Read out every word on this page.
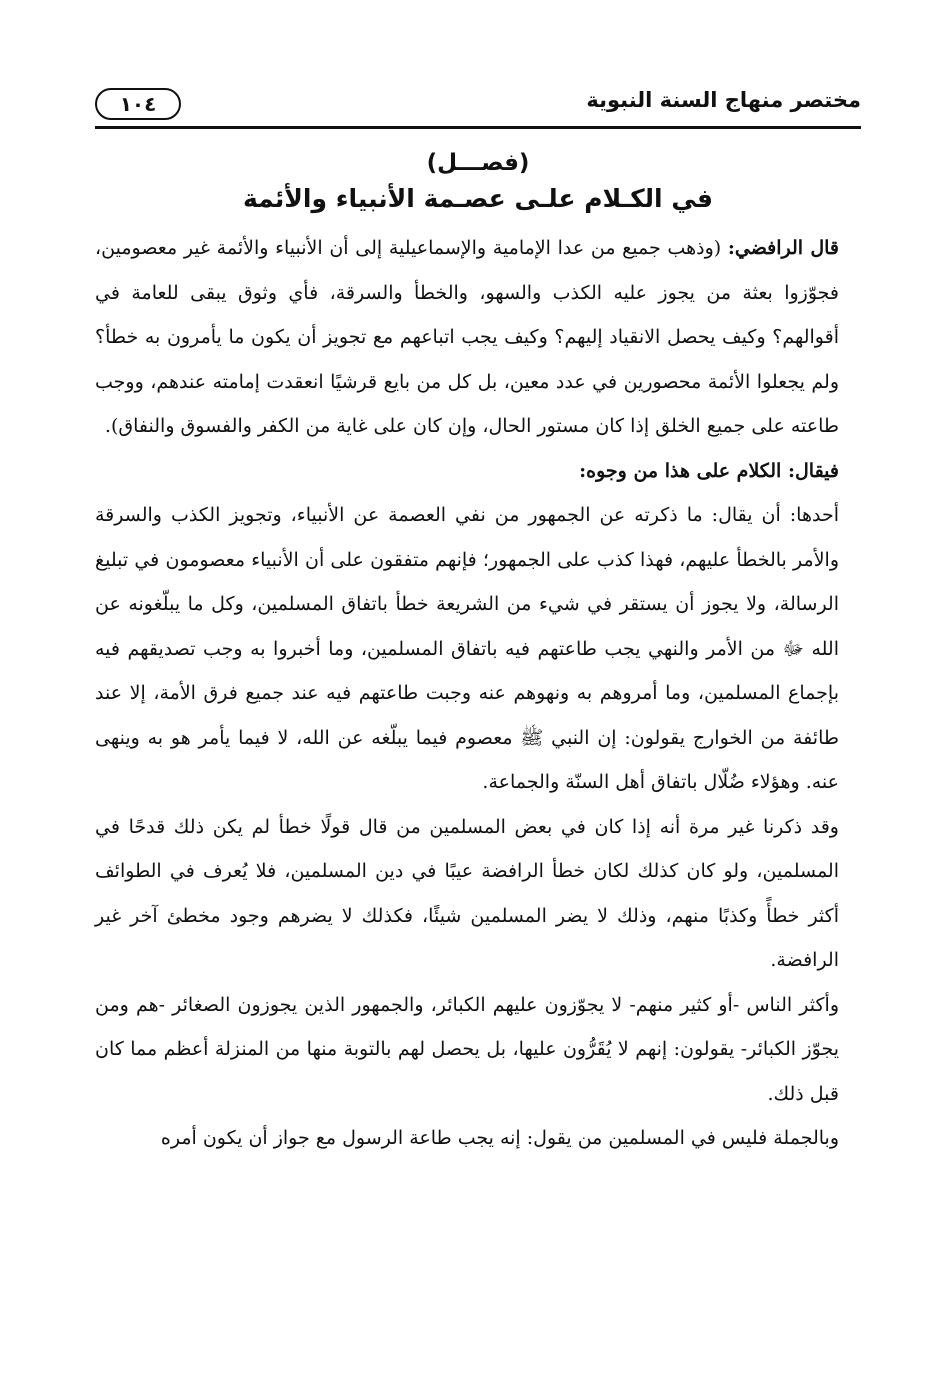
مختصر منهاج السنة النبوية
١٠٤
(فصـــل)
في الكـلام علـى عصـمة الأنبياء والأئمة

قال الرافضي: (وذهب جميع من عدا الإمامية والإسماعيلية إلى أن الأنبياء والأئمة غير معصومين، فجوّزوا بعثة من يجوز عليه الكذب والسهو، والخطأ والسرقة، فأي وثوق يبقى للعامة في أقوالهم؟ وكيف يحصل الانقياد إليهم؟ وكيف يجب اتباعهم مع تجويز أن يكون ما يأمرون به خطأ؟ ولم يجعلوا الأئمة محصورين في عدد معين، بل كل من بايع قرشيًا انعقدت إمامته عندهم، ووجب طاعته على جميع الخلق إذا كان مستور الحال، وإن كان على غاية من الكفر والفسوق والنفاق).

فيقال: الكلام على هذا من وجوه:

أحدها: أن يقال: ما ذكرته عن الجمهور من نفي العصمة عن الأنبياء، وتجويز الكذب والسرقة والأمر بالخطأ عليهم، فهذا كذب على الجمهور؛ فإنهم متفقون على أن الأنبياء معصومون في تبليغ الرسالة، ولا يجوز أن يستقر في شيء من الشريعة خطأ باتفاق المسلمين، وكل ما يبلّغونه عن الله ﷻ من الأمر والنهي يجب طاعتهم فيه باتفاق المسلمين، وما أخبروا به وجب تصديقهم فيه بإجماع المسلمين، وما أمروهم به ونهوهم عنه وجبت طاعتهم فيه عند جميع فرق الأمة، إلا عند طائفة من الخوارج يقولون: إن النبي ﷺ معصوم فيما يبلّغه عن الله، لا فيما يأمر هو به وينهى عنه. وهؤلاء ضُلّال باتفاق أهل السنّة والجماعة.

وقد ذكرنا غير مرة أنه إذا كان في بعض المسلمين من قال قولًا خطأ لم يكن ذلك قدحًا في المسلمين، ولو كان كذلك لكان خطأ الرافضة عيبًا في دين المسلمين، فلا يُعرف في الطوائف أكثر خطأً وكذبًا منهم، وذلك لا يضر المسلمين شيئًا، فكذلك لا يضرهم وجود مخطئ آخر غير الرافضة.

وأكثر الناس -أو كثير منهم- لا يجوّزون عليهم الكبائر، والجمهور الذين يجوزون الصغائر -هم ومن يجوّز الكبائر- يقولون: إنهم لا يُقَرُّون عليها، بل يحصل لهم بالتوبة منها من المنزلة أعظم مما كان قبل ذلك.

وبالجملة فليس في المسلمين من يقول: إنه يجب طاعة الرسول مع جواز أن يكون أمره
